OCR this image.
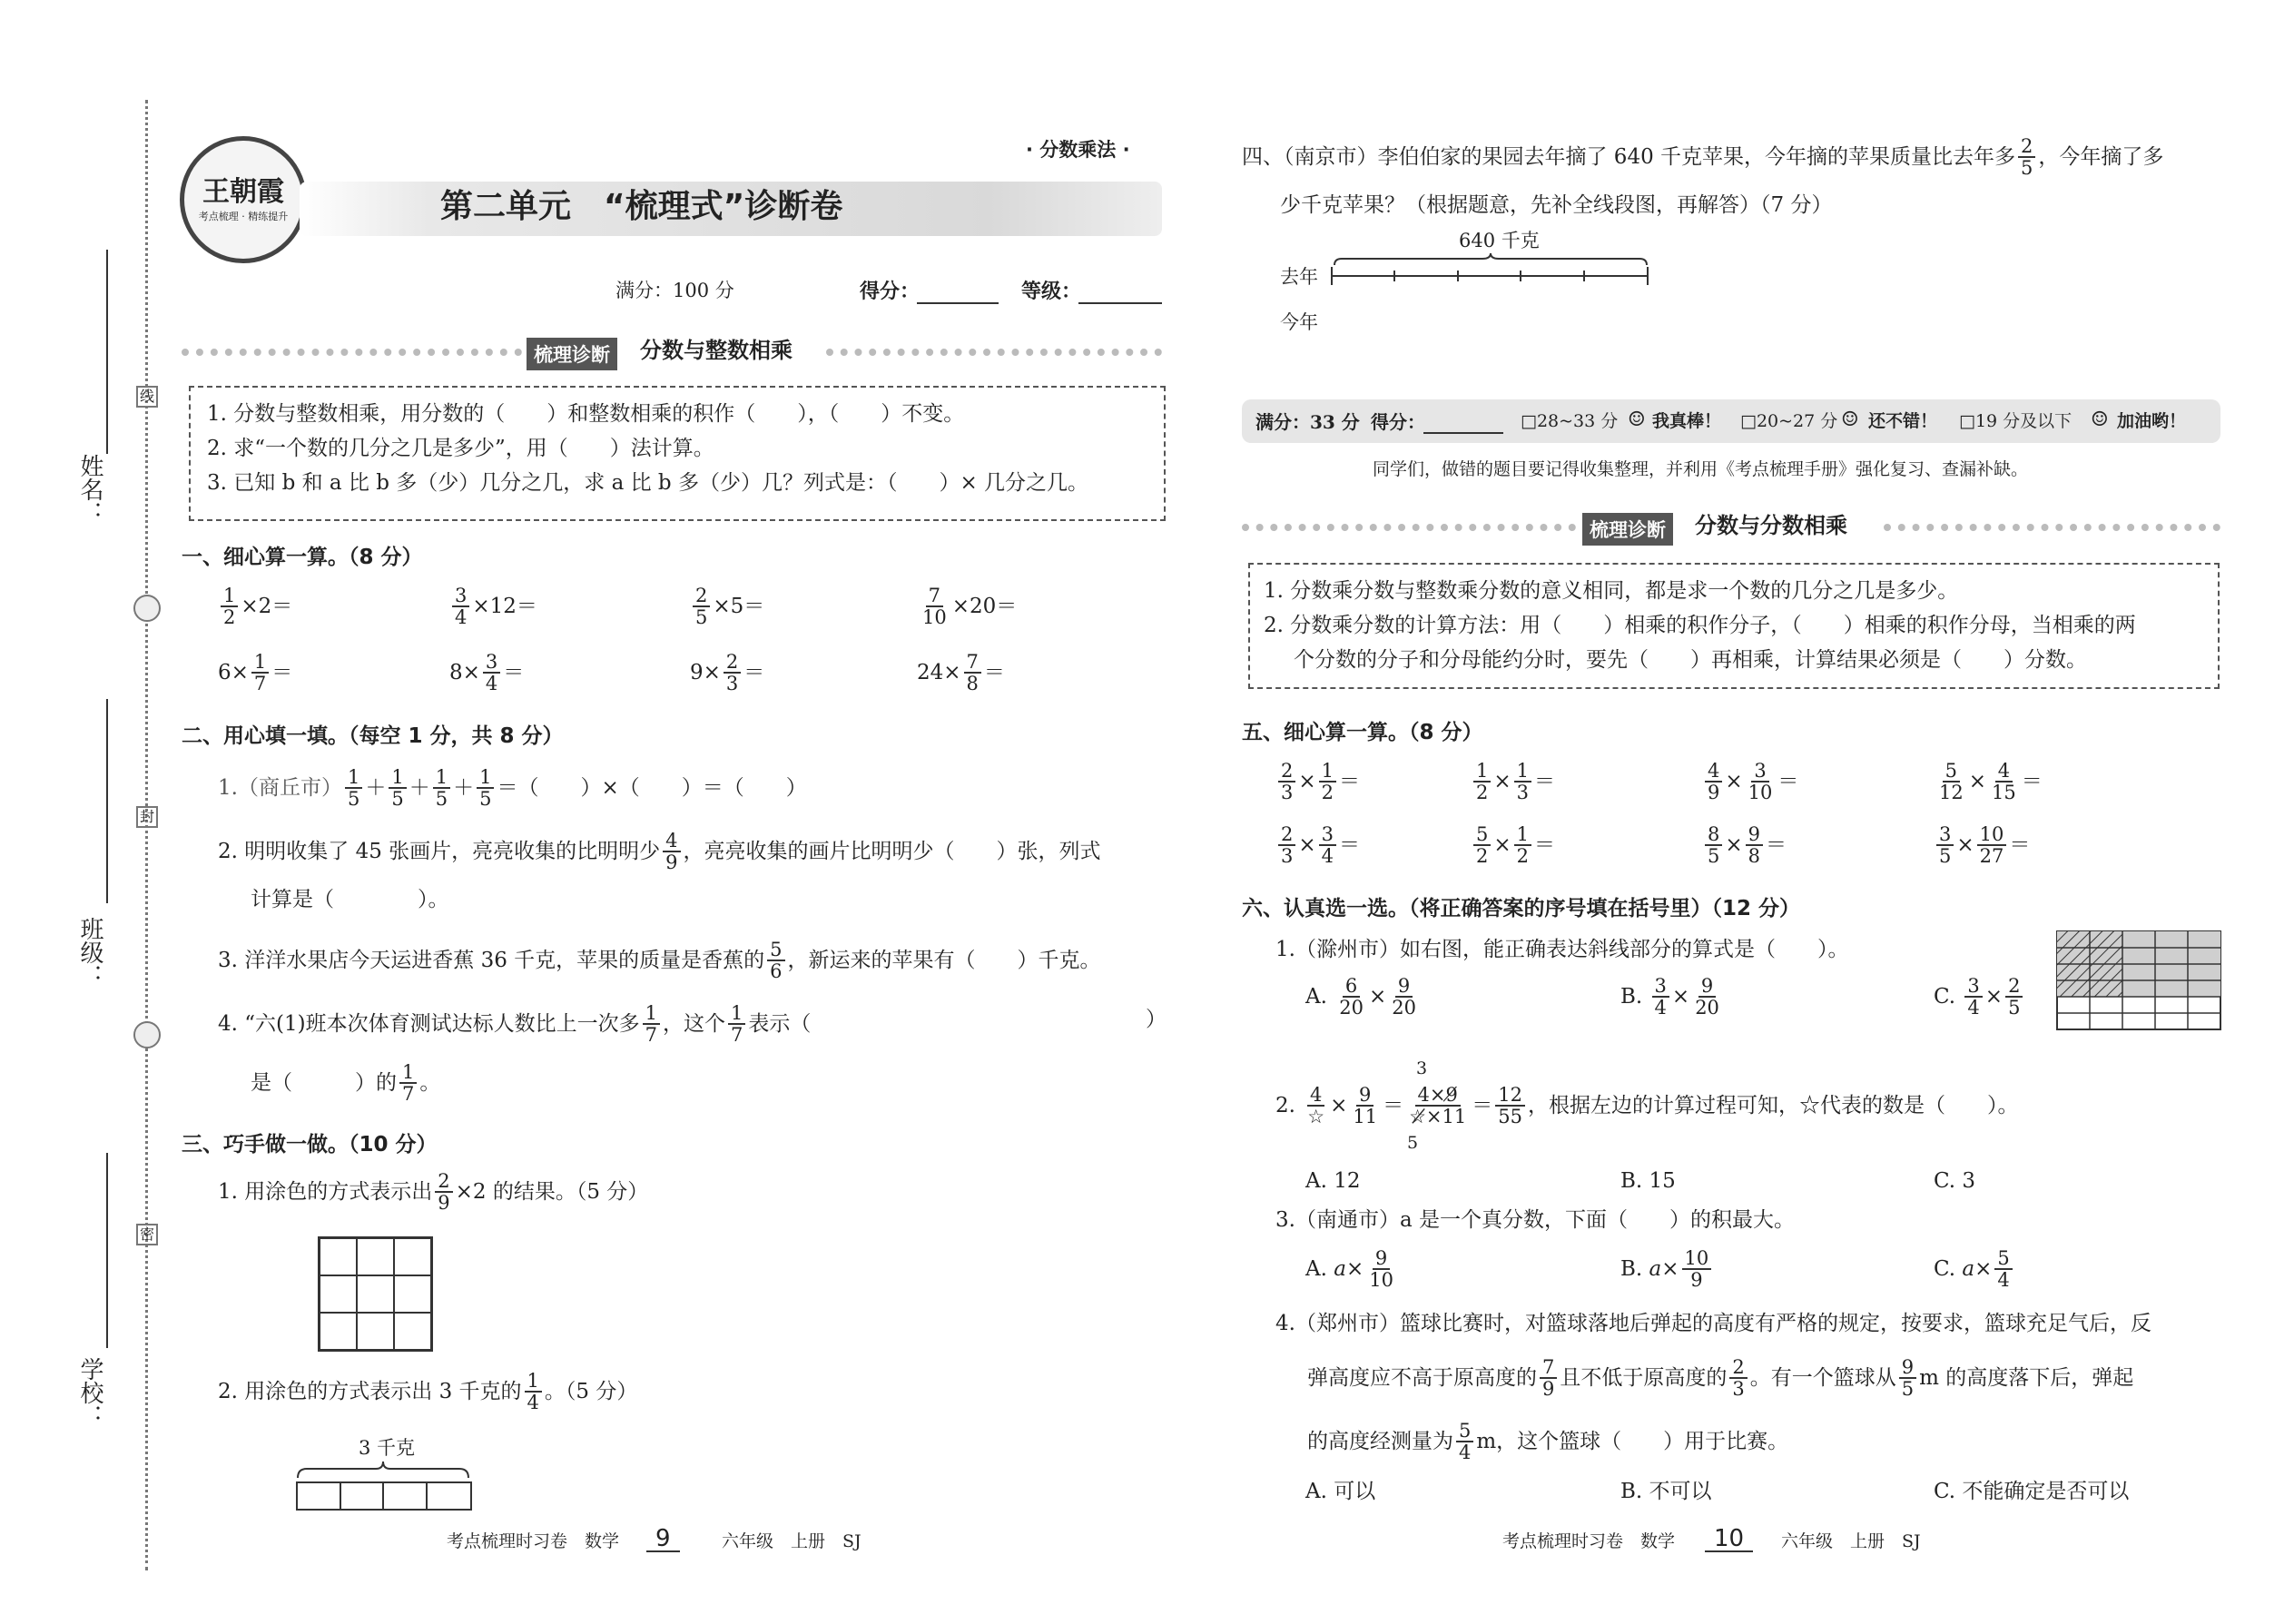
线
封
密
姓名：
班级：
学校：
王朝霞
考点梳理 · 精练提升
· 分数乘法 ·
第二单元　“梳理式”诊断卷
满分：100 分	得分：	等级：
梳理诊断	分数与整数相乘
1. 分数与整数相乘，用分数的（　　）和整数相乘的积作（　　），（　　）不变。
2. 求“一个数的几分之几是多少”，用（　　）法计算。
3. 已知 b 和 a 比 b 多（少）几分之几，求 a 比 b 多（少）几？列式是：（　　）× 几分之几。
一、细心算一算。（8 分）
$\frac{1}{2} \times 2=$	$\frac{3}{4} \times 12=$	$\frac{2}{5} \times 5=$	$\frac{7}{10} \times 20=$
$6\times \frac{1}{7}$ ＝	$8\times \frac{3}{4}$ ＝	$9\times \frac{2}{3}$ ＝	$24\times \frac{7}{8}$ ＝
二、用心填一填。（每空 1 分，共 8 分）
1.（商丘市） $\frac{1}{5} + \frac{1}{5} + \frac{1}{5} + \frac{1}{5}$ ＝（　　）×（　　）＝（　　）
2. 明明收集了 45 张画片，亮亮收集的比明明少 $\frac{4}{9}$ ，亮亮收集的画片比明明少（　　）张，列式
计算是（　　　　）。
3. 洋洋水果店今天运进香蕉 36 千克，苹果的质量是香蕉的 $\frac{5}{6}$ ，新运来的苹果有（　　）千克。
4. “六(1)班本次体育测试达标人数比上一次多 $\frac{1}{7}$ ，这个 $\frac{1}{7}$ 表示（	）
是（　　　）的 $\frac{1}{7}$ 。
三、巧手做一做。（10 分）
1. 用涂色的方式表示出 $\frac{2}{9} \times 2$ 的结果。（5 分）
2. 用涂色的方式表示出 3 千克的 $\frac{1}{4}$ 。（5 分）
3 千克
考点梳理时习卷　数学	9	六年级　上册　SJ
四、（南京市）李伯伯家的果园去年摘了 640 千克苹果，今年摘的苹果质量比去年多 $\frac{2}{5}$ ，今年摘了多
少千克苹果？（根据题意，先补全线段图，再解答）（7 分）
640 千克
去年
今年
满分：33 分 得分：	□28~33 分 ☺ 我真棒！ □20~27 分 ☺ 还不错！ □19 分及以下 ☺ 加油哟！
同学们，做错的题目要记得收集整理，并利用《考点梳理手册》强化复习、查漏补缺。
梳理诊断	分数与分数相乘
1. 分数乘分数与整数乘分数的意义相同，都是求一个数的几分之几是多少。
2. 分数乘分数的计算方法：用（　　）相乘的积作分子，（　　）相乘的积作分母，当相乘的两
个分数的分子和分母能约分时，要先（　　）再相乘，计算结果必须是（　　）分数。
五、细心算一算。（8 分）
$\frac{2}{3} \times \frac{1}{2}$ ＝	$\frac{1}{2} \times \frac{1}{3}$ ＝	$\frac{4}{9} \times \frac{3}{10}$ ＝	$\frac{5}{12} \times \frac{4}{15}$ ＝
$\frac{2}{3} \times \frac{3}{4}$ ＝	$\frac{5}{2} \times \frac{1}{2}$ ＝	$\frac{8}{5} \times \frac{9}{8}$ ＝	$\frac{3}{5} \times \frac{10}{27}$ ＝
六、认真选一选。（将正确答案的序号填在括号里）（12 分）
1.（滁州市）如右图，能正确表达斜线部分的算式是（　　）。
A. $\frac{6}{20} \times \frac{9}{20}$	B. $\frac{3}{4} \times \frac{9}{20}$	C. $\frac{3}{4} \times \frac{2}{5}$
2. $\frac{4}{☆} \times \frac{9}{11} = \frac{4\times 9̸}{☆̸\times 11} = \frac{12}{55}$ ，根据左边的计算过程可知，☆代表的数是（　　）。
3
5
A. 12	B. 15	C. 3
3.（南通市）a 是一个真分数，下面（　　）的积最大。
A. $a \times \frac{9}{10}$	B. $a \times \frac{10}{9}$	C. $a \times \frac{5}{4}$
4.（郑州市）篮球比赛时，对篮球落地后弹起的高度有严格的规定，按要求，篮球充足气后，反
弹高度应不高于原高度的 $\frac{7}{9}$ 且不低于原高度的 $\frac{2}{3}$ 。有一个篮球从 $\frac{9}{5}$ m 的高度落下后，弹起
的高度经测量为 $\frac{5}{4}$ m，这个篮球（　　）用于比赛。
A. 可以	B. 不可以	C. 不能确定是否可以
考点梳理时习卷　数学	10	六年级　上册　SJ
